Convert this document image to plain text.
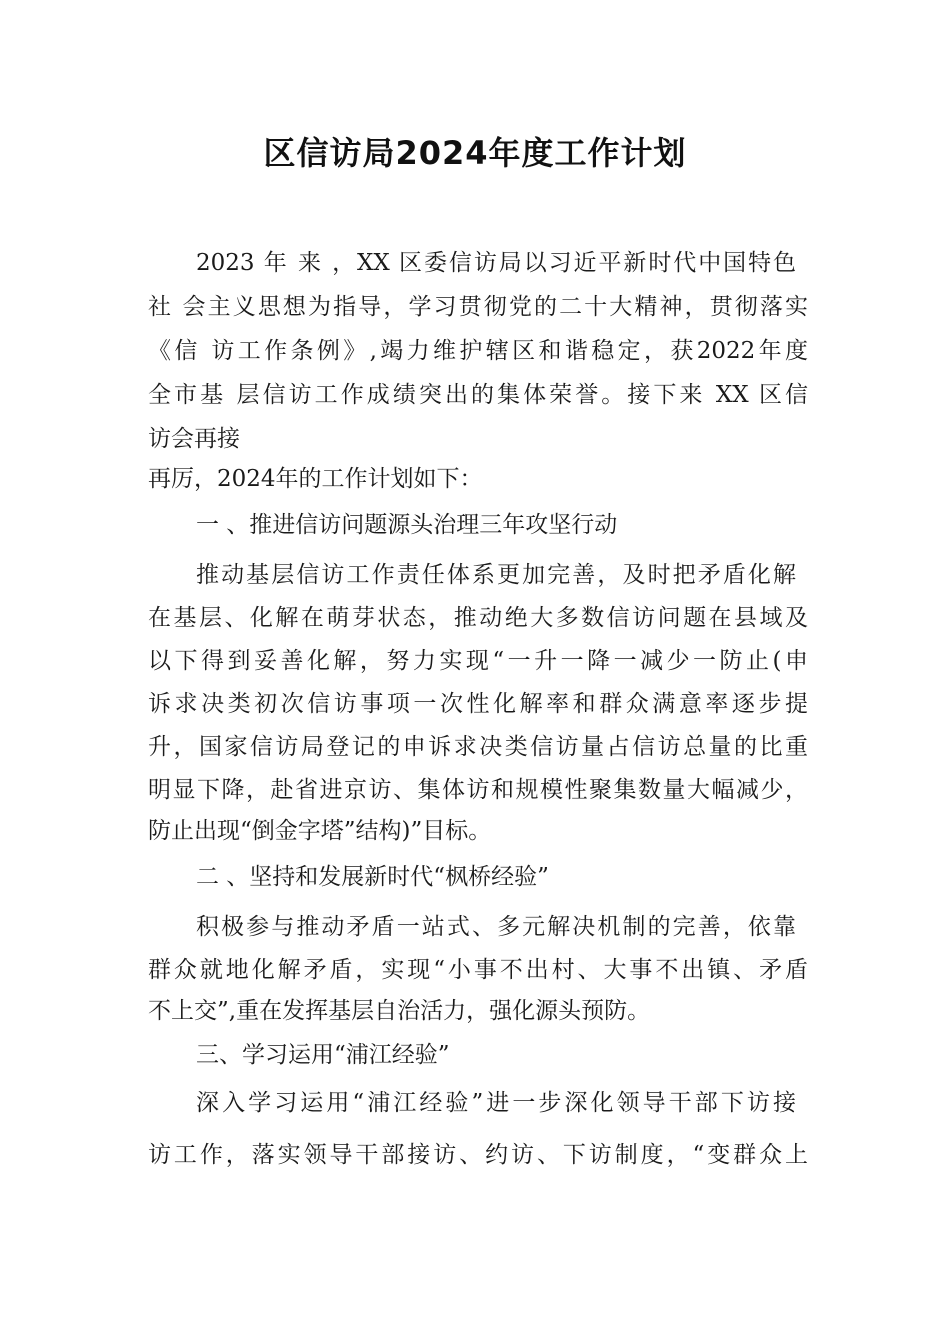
区信访局2024年度工作计划

2023 年 来 ，XX 区委信访局以习近平新时代中国特色

社 会主义思想为指导，学习贯彻党的二十大精神，贯彻落实

《信 访工作条例》,竭力维护辖区和谐稳定，获2022年度

全市基 层信访工作成绩突出的集体荣誉。接下来 XX 区信

访会再接

再厉，2024年的工作计划如下：

一 、推进信访问题源头治理三年攻坚行动

推动基层信访工作责任体系更加完善，及时把矛盾化解

在基层、化解在萌芽状态，推动绝大多数信访问题在县域及

以下得到妥善化解，努力实现“一升一降一减少一防止(申

诉求决类初次信访事项一次性化解率和群众满意率逐步提

升，国家信访局登记的申诉求决类信访量占信访总量的比重

明显下降，赴省进京访、集体访和规模性聚集数量大幅减少，

防止出现“倒金字塔”结构)”目标。

二 、坚持和发展新时代“枫桥经验”

积极参与推动矛盾一站式、多元解决机制的完善，依靠

群众就地化解矛盾，实现“小事不出村、大事不出镇、矛盾

不上交”,重在发挥基层自治活力，强化源头预防。

三、学习运用“浦江经验”

深入学习运用“浦江经验”进一步深化领导干部下访接

访工作，落实领导干部接访、约访、下访制度，“变群众上
